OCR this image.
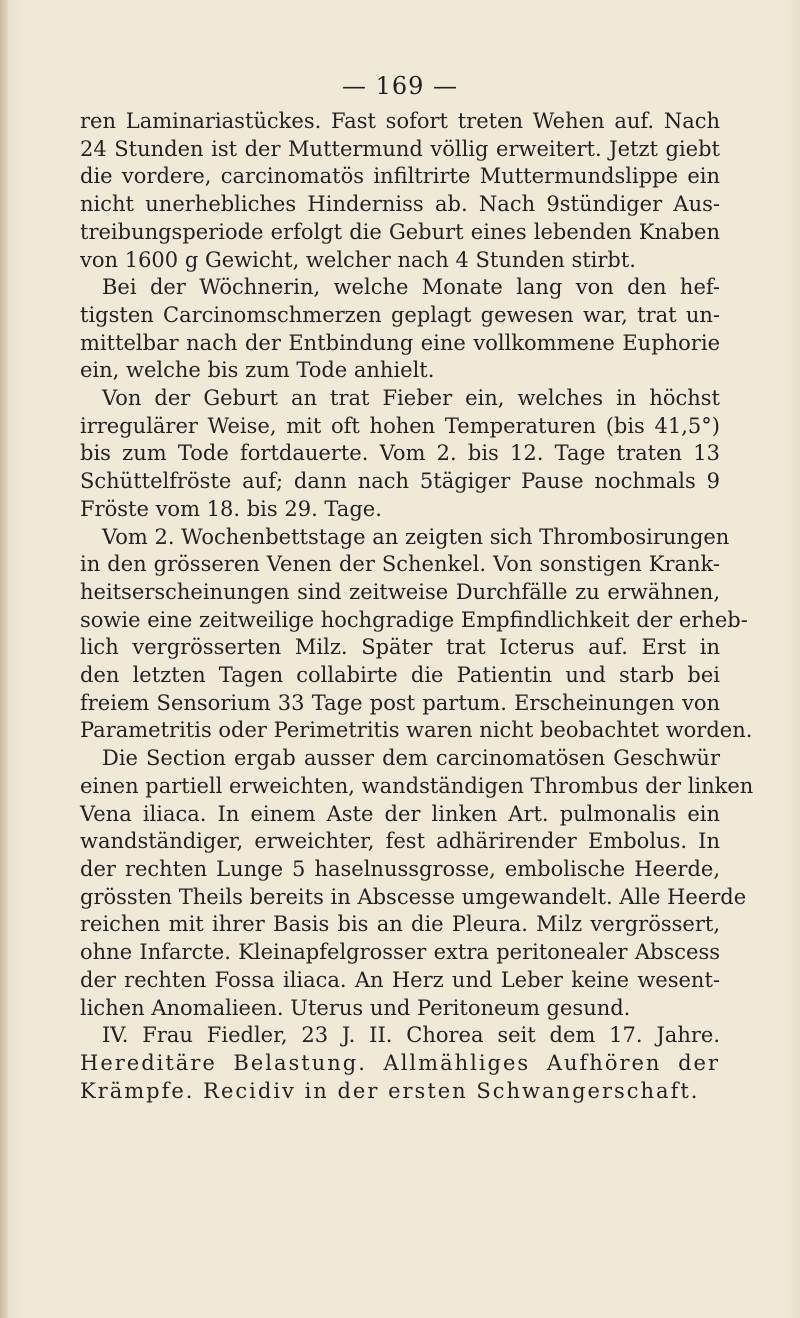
— 169 —
ren Laminariastückes. Fast sofort treten Wehen auf. Nach
24 Stunden ist der Muttermund völlig erweitert. Jetzt giebt
die vordere, carcinomatös infiltrirte Muttermundslippe ein
nicht unerhebliches Hinderniss ab. Nach 9stündiger Aus-
treibungsperiode erfolgt die Geburt eines lebenden Knaben
von 1600 g Gewicht, welcher nach 4 Stunden stirbt.
Bei der Wöchnerin, welche Monate lang von den hef-
tigsten Carcinomschmerzen geplagt gewesen war, trat un-
mittelbar nach der Entbindung eine vollkommene Euphorie
ein, welche bis zum Tode anhielt.
Von der Geburt an trat Fieber ein, welches in höchst
irregulärer Weise, mit oft hohen Temperaturen (bis 41,5°)
bis zum Tode fortdauerte. Vom 2. bis 12. Tage traten 13
Schüttelfröste auf; dann nach 5tägiger Pause nochmals 9
Fröste vom 18. bis 29. Tage.
Vom 2. Wochenbettstage an zeigten sich Thrombosirungen
in den grösseren Venen der Schenkel. Von sonstigen Krank-
heitserscheinungen sind zeitweise Durchfälle zu erwähnen,
sowie eine zeitweilige hochgradige Empfindlichkeit der erheb-
lich vergrösserten Milz. Später trat Icterus auf. Erst in
den letzten Tagen collabirte die Patientin und starb bei
freiem Sensorium 33 Tage post partum. Erscheinungen von
Parametritis oder Perimetritis waren nicht beobachtet worden.
Die Section ergab ausser dem carcinomatösen Geschwür
einen partiell erweichten, wandständigen Thrombus der linken
Vena iliaca. In einem Aste der linken Art. pulmonalis ein
wandständiger, erweichter, fest adhärirender Embolus. In
der rechten Lunge 5 haselnussgrosse, embolische Heerde,
grössten Theils bereits in Abscesse umgewandelt. Alle Heerde
reichen mit ihrer Basis bis an die Pleura. Milz vergrössert,
ohne Infarcte. Kleinapfelgrosser extra peritonealer Abscess
der rechten Fossa iliaca. An Herz und Leber keine wesent-
lichen Anomalieen. Uterus und Peritoneum gesund.
IV. Frau Fiedler, 23 J. II. Chorea seit dem 17. Jahre.
Hereditäre Belastung. Allmähliges Aufhören der
Krämpfe. Recidiv in der ersten Schwangerschaft.
